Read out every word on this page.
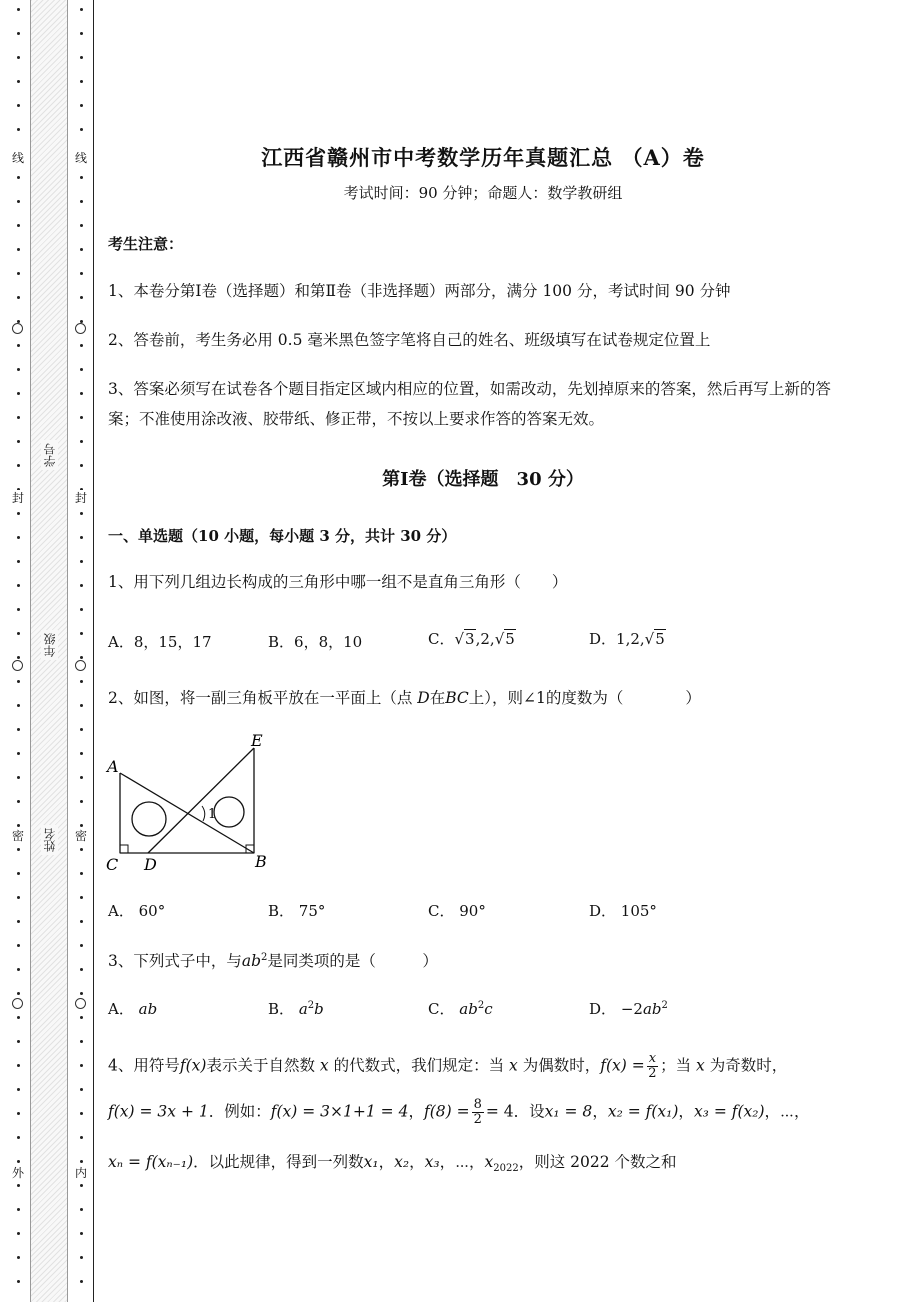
线
封
密
外
线
封
密
内
学号
年级
姓名
江西省赣州市中考数学历年真题汇总 （A）卷
考试时间：90 分钟；命题人：数学教研组
考生注意：
1、本卷分第Ⅰ卷（选择题）和第Ⅱ卷（非选择题）两部分，满分 100 分，考试时间 90 分钟
2、答卷前，考生务必用 0.5 毫米黑色签字笔将自己的姓名、班级填写在试卷规定位置上
3、答案必须写在试卷各个题目指定区域内相应的位置，如需改动，先划掉原来的答案，然后再写上新的答案；不准使用涂改液、胶带纸、修正带，不按以上要求作答的答案无效。
第Ⅰ卷（选择题　30 分）
一、单选题（10 小题，每小题 3 分，共计 30 分）
1、用下列几组边长构成的三角形中哪一组不是直角三角形（　　）
A．8，15，17	B．6，8，10	C．√3,2,√5	D．1,2,√5
2、如图，将一副三角板平放在一平面上（点 D在BC上），则∠1的度数为（　　　　）
1
A
E
C D	B
A． 60°	B． 75°	C． 90°	D． 105°
3、下列式子中，与$ab^2$是同类项的是（　　　）
A． ab	B． $a^2b$	C． $ab^2c$	D． $-2ab^2$
4、用符号f(x)表示关于自然数 x 的代数式，我们规定：当 x 为偶数时，$f(x) = \frac{x}{2}$ ；当 x 为奇数时，
f(x) = 3x + 1．例如：f(x) = 3×1+1 = 4，$f(8) = \frac{8}{2} = 4$．设x₁ = 8，x₂ = f(x₁)，x₃ = f(x₂)，⋯，
xₙ = f(xₙ₋₁)．以此规律，得到一列数x₁，x₂，x₃，⋯，$x_{2022}$，则这 2022 个数之和
